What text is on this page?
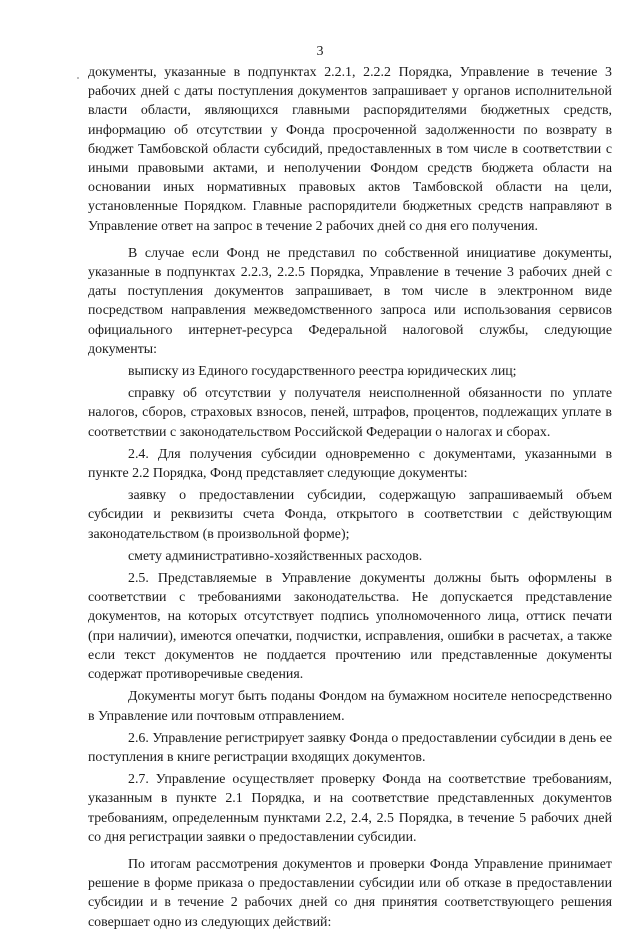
3

документы, указанные в подпунктах 2.2.1, 2.2.2 Порядка, Управление в течение 3 рабочих дней с даты поступления документов запрашивает у органов исполнительной власти области, являющихся главными распорядителями бюджетных средств, информацию об отсутствии у Фонда просроченной задолженности по возврату в бюджет Тамбовской области субсидий, предоставленных в том числе в соответствии с иными правовыми актами, и неполучении Фондом средств бюджета области на основании иных нормативных правовых актов Тамбовской области на цели, установленные Порядком. Главные распорядители бюджетных средств направляют в Управление ответ на запрос в течение 2 рабочих дней со дня его получения.

В случае если Фонд не представил по собственной инициативе документы, указанные в подпунктах 2.2.3, 2.2.5 Порядка, Управление в течение 3 рабочих дней с даты поступления документов запрашивает, в том числе в электронном виде посредством направления межведомственного запроса или использования сервисов официального интернет-ресурса Федеральной налоговой службы, следующие документы:

выписку из Единого государственного реестра юридических лиц;

справку об отсутствии у получателя неисполненной обязанности по уплате налогов, сборов, страховых взносов, пеней, штрафов, процентов, подлежащих уплате в соответствии с законодательством Российской Федерации о налогах и сборах.

2.4. Для получения субсидии одновременно с документами, указанными в пункте 2.2 Порядка, Фонд представляет следующие документы:

заявку о предоставлении субсидии, содержащую запрашиваемый объем субсидии и реквизиты счета Фонда, открытого в соответствии с действующим законодательством (в произвольной форме);

смету административно-хозяйственных расходов.

2.5. Представляемые в Управление документы должны быть оформлены в соответствии с требованиями законодательства. Не допускается представление документов, на которых отсутствует подпись уполномоченного лица, оттиск печати (при наличии), имеются опечатки, подчистки, исправления, ошибки в расчетах, а также если текст документов не поддается прочтению или представленные документы содержат противоречивые сведения.

Документы могут быть поданы Фондом на бумажном носителе непосредственно в Управление или почтовым отправлением.

2.6. Управление регистрирует заявку Фонда о предоставлении субсидии в день ее поступления в книге регистрации входящих документов.

2.7. Управление осуществляет проверку Фонда на соответствие требованиям, указанным в пункте 2.1 Порядка, и на соответствие представленных документов требованиям, определенным пунктами 2.2, 2.4, 2.5 Порядка, в течение 5 рабочих дней со дня регистрации заявки о предоставлении субсидии.

По итогам рассмотрения документов и проверки Фонда Управление принимает решение в форме приказа о предоставлении субсидии или об отказе в предоставлении субсидии и в течение 2 рабочих дней со дня принятия соответствующего решения совершает одно из следующих действий:
